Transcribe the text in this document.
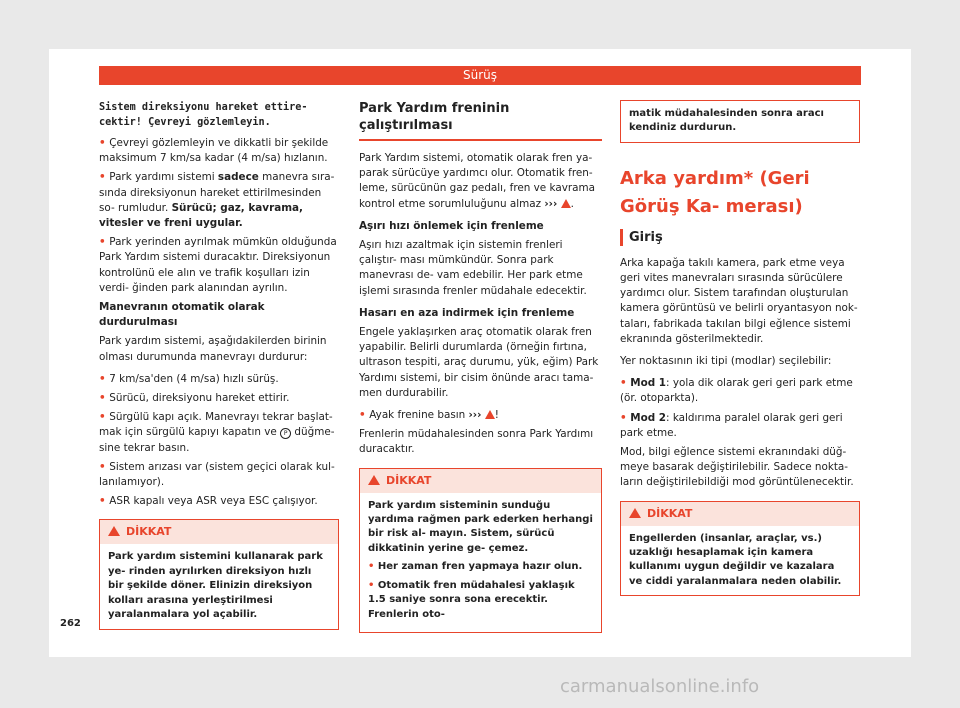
Sürüş

Sistem direksiyonu hareket ettire- cektir! Çevreyi gözlemleyin.

• Çevreyi gözlemleyin ve dikkatli bir şekilde maksimum 7 km/sa kadar (4 m/sa) hızlanın.

• Park yardımı sistemi sadece manevra sıra- sında direksiyonun hareket ettirilmesinden so- rumludur. Sürücü; gaz, kavrama, vitesler ve freni uygular.

• Park yerinden ayrılmak mümkün olduğunda Park Yardım sistemi duracaktır. Direksiyonun kontrolünü ele alın ve trafik koşulları izin verdi- ğinden park alanından ayrılın.

Manevranın otomatik olarak durdurulması

Park yardım sistemi, aşağıdakilerden birinin olması durumunda manevrayı durdurur:

• 7 km/sa'den (4 m/sa) hızlı sürüş.

• Sürücü, direksiyonu hareket ettirir.

• Sürgülü kapı açık. Manevrayı tekrar başlat- mak için sürgülü kapıyı kapatın ve P düğme- sine tekrar basın.

• Sistem arızası var (sistem geçici olarak kul- lanılamıyor).

• ASR kapalı veya ASR veya ESC çalışıyor.

DİKKAT
Park yardım sistemini kullanarak park ye- rinden ayrılırken direksiyon hızlı bir şekilde döner. Elinizin direksiyon kolları arasına yerleştirilmesi yaralanmalara yol açabilir.
Park Yardım freninin çalıştırılması

Park Yardım sistemi, otomatik olarak fren ya- parak sürücüye yardımcı olur. Otomatik fren- leme, sürücünün gaz pedalı, fren ve kavrama kontrol etme sorumluluğunu almaz ››› .

Aşırı hızı önlemek için frenleme

Aşırı hızı azaltmak için sistemin frenleri çalıştır- ması mümkündür. Sonra park manevrası de- vam edebilir. Her park etme işlemi sırasında frenler müdahale edecektir.

Hasarı en aza indirmek için frenleme

Engele yaklaşırken araç otomatik olarak fren yapabilir. Belirli durumlarda (örneğin fırtına, ultrason tespiti, araç durumu, yük, eğim) Park Yardımı sistemi, bir cisim önünde aracı tama- men durdurabilir.

• Ayak frenine basın ››› !

Frenlerin müdahalesinden sonra Park Yardımı duracaktır.

DİKKAT

Park yardım sisteminin sunduğu yardıma rağmen park ederken herhangi bir risk al- mayın. Sistem, sürücü dikkatinin yerine ge- çemez.

• Her zaman fren yapmaya hazır olun.

• Otomatik fren müdahalesi yaklaşık 1.5 saniye sonra sona erecektir. Frenlerin oto-

matik müdahalesinden sonra aracı kendiniz durdurun.
Arka yardım* (Geri Görüş Ka- merası)
Giriş

Arka kapağa takılı kamera, park etme veya geri vites manevraları sırasında sürücülere yardımcı olur. Sistem tarafından oluşturulan kamera görüntüsü ve belirli oryantasyon nok- taları, fabrikada takılan bilgi eğlence sistemi ekranında gösterilmektedir.

Yer noktasının iki tipi (modlar) seçilebilir:

• Mod 1: yola dik olarak geri geri park etme (ör. otoparkta).

• Mod 2: kaldırıma paralel olarak geri geri park etme.

Mod, bilgi eğlence sistemi ekranındaki düğ- meye basarak değiştirilebilir. Sadece nokta- ların değiştirilebildiği mod görüntülenecektir.

DİKKAT
Engellerden (insanlar, araçlar, vs.) uzaklığı hesaplamak için kamera kullanımı uygun değildir ve kazalara ve ciddi yaralanmalara neden olabilir.
262
carmanualsonline.info
